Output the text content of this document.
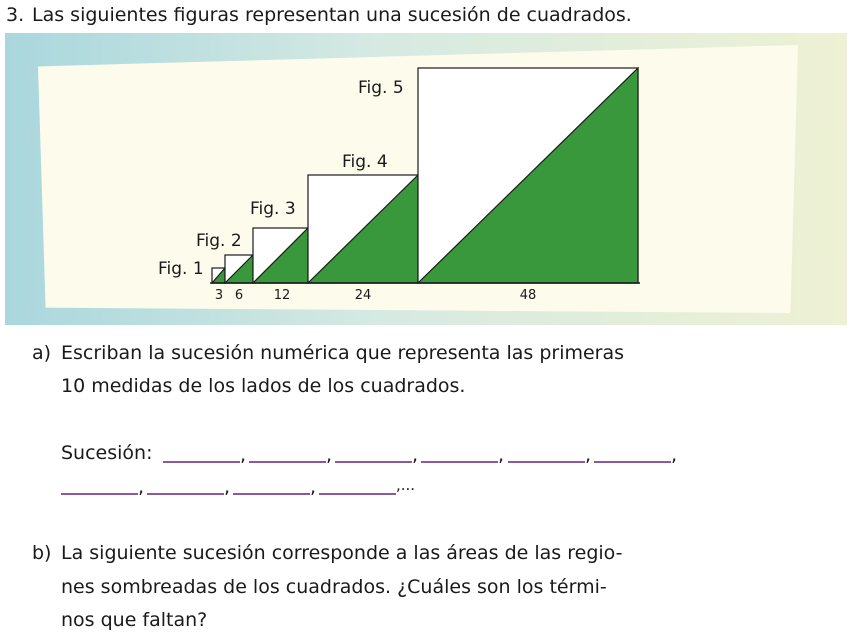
3. Las siguientes figuras representan una sucesión de cuadrados.
Fig. 1
Fig. 2
Fig. 3
Fig. 4
Fig. 5
3 6 12	24	48
a) Escriban la sucesión numérica que representa las primeras
10 medidas de los lados de los cuadrados.
Sucesión:	,	,	,	,	,	,
,	,	,	,...
b) La siguiente sucesión corresponde a las áreas de las regio-
nes sombreadas de los cuadrados. ¿Cuáles son los térmi-
nos que faltan?
